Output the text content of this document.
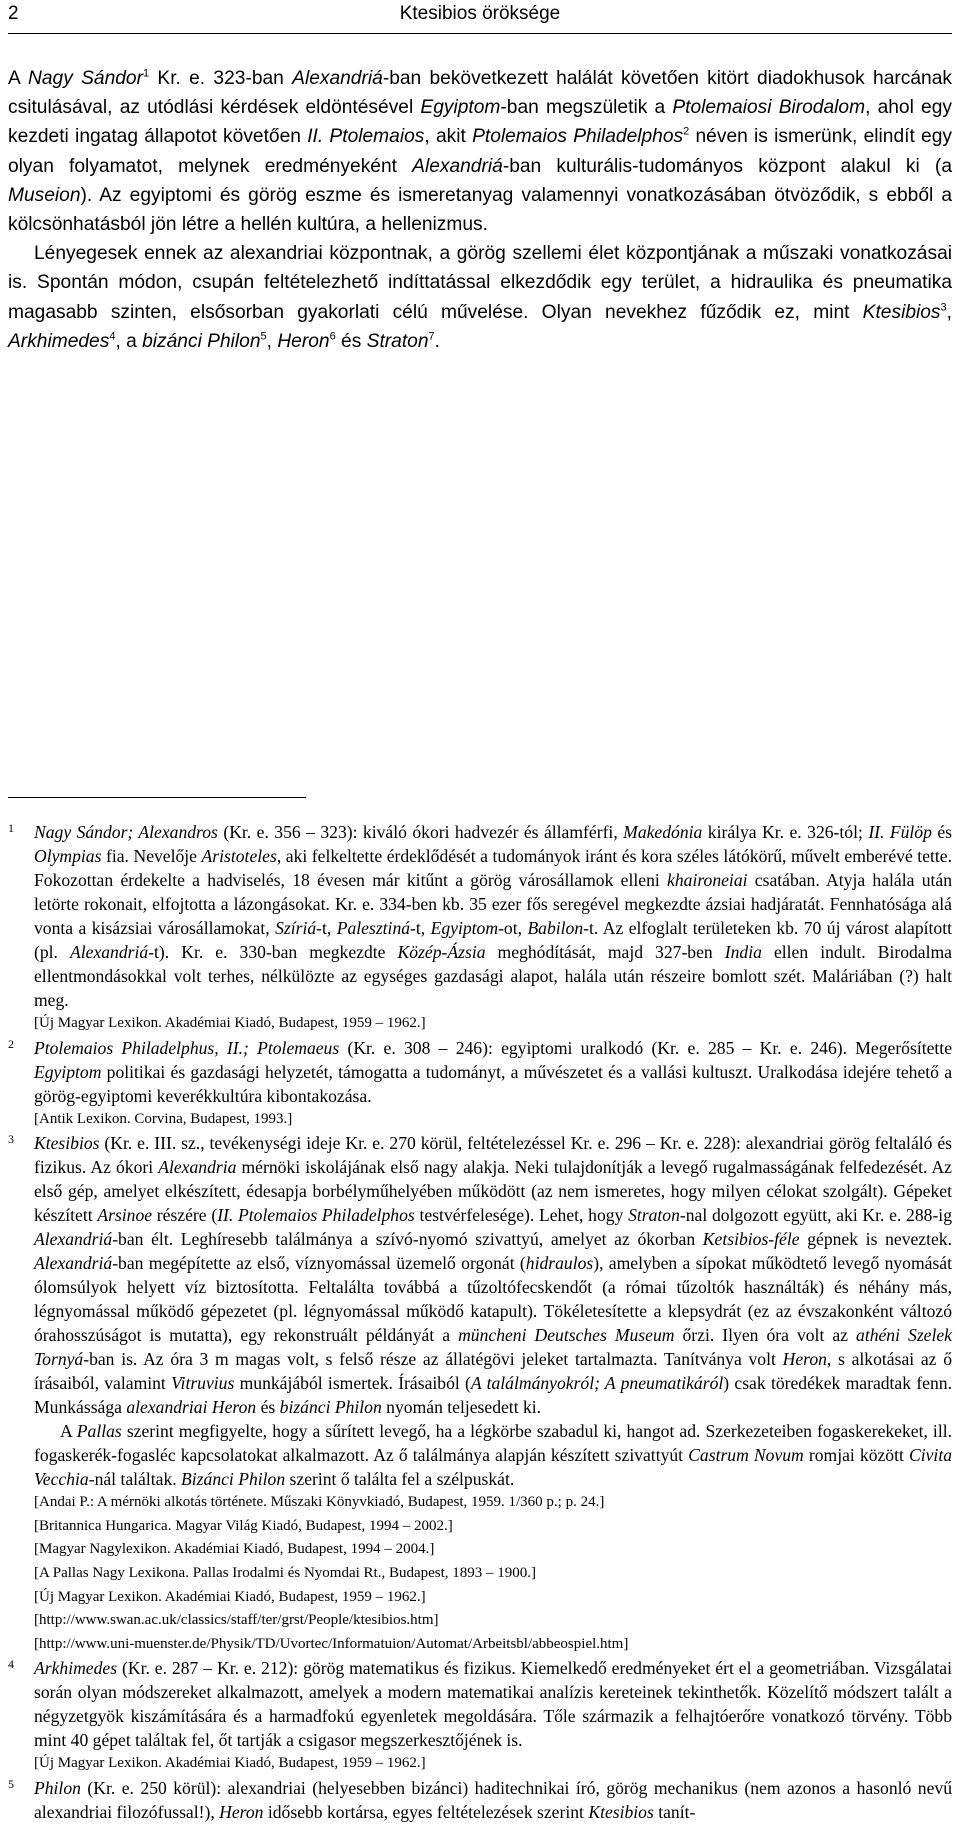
2	Ktesibios öröksége

A Nagy Sándor$^1$ Kr. e. 323-ban Alexandriá-ban bekövetkezett halálát követően kitört diadokhusok harcának csitulásával, az utódlási kérdések eldöntésével Egyiptom-ban megszületik a Ptolemaiosi Birodalom, ahol egy kezdeti ingatag állapotot követően II. Ptolemaios, akit Ptolemaios Philadelphos$^2$ néven is ismerünk, elindít egy olyan folyamatot, melynek eredményeként Alexandriá-ban kulturális-tudományos központ alakul ki (a Museion). Az egyiptomi és görög eszme és ismeretanyag valamennyi vonatkozásában ötvöződik, s ebből a kölcsönhatásból jön létre a hellén kultúra, a hellenizmus.

Lényegesek ennek az alexandriai központnak, a görög szellemi élet központjának a műszaki vonatkozásai is. Spontán módon, csupán feltételezhető indíttatással elkezdődik egy terület, a hidraulika és pneumatika magasabb szinten, elsősorban gyakorlati célú művelése. Olyan nevekhez fűződik ez, mint Ktesibios$^3$, Arkhimedes$^4$, a bizánci Philon$^5$, Heron$^6$ és Straton$^7$.

1 Nagy Sándor; Alexandros (Kr. e. 356 – 323): kiváló ókori hadvezér és államférfi, Makedónia királya Kr. e. 326-tól; II. Fülöp és Olympias fia. Nevelője Aristoteles, aki felkeltette érdeklődését a tudományok iránt és kora széles látókörű, művelt emberévé tette. Fokozottan érdekelte a hadviselés, 18 évesen már kitűnt a görög városállamok elleni khaironeiai csatában. Atyja halála után letörte rokonait, elfojtotta a lázongásokat. Kr. e. 334-ben kb. 35 ezer fős seregével megkezdte ázsiai hadjáratát. Fennhatósága alá vonta a kisázsiai városállamokat, Szíriá-t, Palesztiná-t, Egyiptom-ot, Babilon-t. Az elfoglalt területeken kb. 70 új várost alapított (pl. Alexandriá-t). Kr. e. 330-ban megkezdte Közép-Ázsia meghódítását, majd 327-ben India ellen indult. Birodalma ellentmondásokkal volt terhes, nélkülözte az egységes gazdasági alapot, halála után részeire bomlott szét. Maláriában (?) halt meg.
[Új Magyar Lexikon. Akadémiai Kiadó, Budapest, 1959 – 1962.]
2 Ptolemaios Philadelphus, II.; Ptolemaeus (Kr. e. 308 – 246): egyiptomi uralkodó (Kr. e. 285 – Kr. e. 246). Megerősítette Egyiptom politikai és gazdasági helyzetét, támogatta a tudományt, a művészetet és a vallási kultuszt. Uralkodása idejére tehető a görög-egyiptomi keverékkultúra kibontakozása.
[Antik Lexikon. Corvina, Budapest, 1993.]
3 Ktesibios (Kr. e. III. sz., tevékenységi ideje Kr. e. 270 körül, feltételezéssel Kr. e. 296 – Kr. e. 228): alexandriai görög feltaláló és fizikus. Az ókori Alexandria mérnöki iskolájának első nagy alakja. Neki tulajdonítják a levegő rugalmasságának felfedezését. Az első gép, amelyet elkészített, édesapja borbélyműhelyében működött (az nem ismeretes, hogy milyen célokat szolgált). Gépeket készített Arsinoe részére (II. Ptolemaios Philadelphos testvérfelesége). Lehet, hogy Straton-nal dolgozott együtt, aki Kr. e. 288-ig Alexandriá-ban élt. Leghíresebb találmánya a szívó-nyomó szivattyú, amelyet az ókorban Ketsibios-féle gépnek is neveztek. Alexandriá-ban megépítette az első, víznyomással üzemelő orgonát (hidraulos), amelyben a sípokat működtető levegő nyomását ólomsúlyok helyett víz biztosította. Feltalálta továbbá a tűzoltófecskendőt (a római tűzoltók használták) és néhány más, légnyomással működő gépezetet (pl. légnyomással működő katapult). Tökéletesítette a klepsydrát (ez az évszakonként változó órahosszúságot is mutatta), egy rekonstruált példányát a müncheni Deutsches Museum őrzi. Ilyen óra volt az athéni Szelek Tornyá-ban is. Az óra 3 m magas volt, s felső része az állatégövi jeleket tartalmazta. Tanítványa volt Heron, s alkotásai az ő írásaiból, valamint Vitruvius munkájából ismertek. Írásaiból (A találmányokról; A pneumatikáról) csak töredékek maradtak fenn. Munkássága alexandriai Heron és bizánci Philon nyomán teljesedett ki.
A Pallas szerint megfigyelte, hogy a sűrített levegő, ha a légkörbe szabadul ki, hangot ad. Szerkezeteiben fogaskerekeket, ill. fogaskerék-fogasléc kapcsolatokat alkalmazott. Az ő találmánya alapján készített szivattyút Castrum Novum romjai között Civita Vecchia-nál találtak. Bizánci Philon szerint ő találta fel a szélpuskát.
[Andai P.: A mérnöki alkotás története. Műszaki Könyvkiadó, Budapest, 1959. 1/360 p.; p. 24.]
[Britannica Hungarica. Magyar Világ Kiadó, Budapest, 1994 – 2002.]
[Magyar Nagylexikon. Akadémiai Kiadó, Budapest, 1994 – 2004.]
[A Pallas Nagy Lexikona. Pallas Irodalmi és Nyomdai Rt., Budapest, 1893 – 1900.]
[Új Magyar Lexikon. Akadémiai Kiadó, Budapest, 1959 – 1962.]
[http://www.swan.ac.uk/classics/staff/ter/grst/People/ktesibios.htm]
[http://www.uni-muenster.de/Physik/TD/Uvortec/Informatuion/Automat/Arbeitsbl/abbeospiel.htm]
4 Arkhimedes (Kr. e. 287 – Kr. e. 212): görög matematikus és fizikus. Kiemelkedő eredményeket ért el a geometriában. Vizsgálatai során olyan módszereket alkalmazott, amelyek a modern matematikai analízis kereteinek tekinthetők. Közelítő módszert talált a négyzetgyök kiszámítására és a harmadfokú egyenletek megoldására. Tőle származik a felhajtóerőre vonatkozó törvény. Több mint 40 gépet találtak fel, őt tartják a csigasor megszerkesztőjének is.
[Új Magyar Lexikon. Akadémiai Kiadó, Budapest, 1959 – 1962.]
5 Philon (Kr. e. 250 körül): alexandriai (helyesebben bizánci) haditechnikai író, görög mechanikus (nem azonos a hasonló nevű alexandriai filozófussal!), Heron idősebb kortársa, egyes feltételezések szerint Ktesibios tanít-
